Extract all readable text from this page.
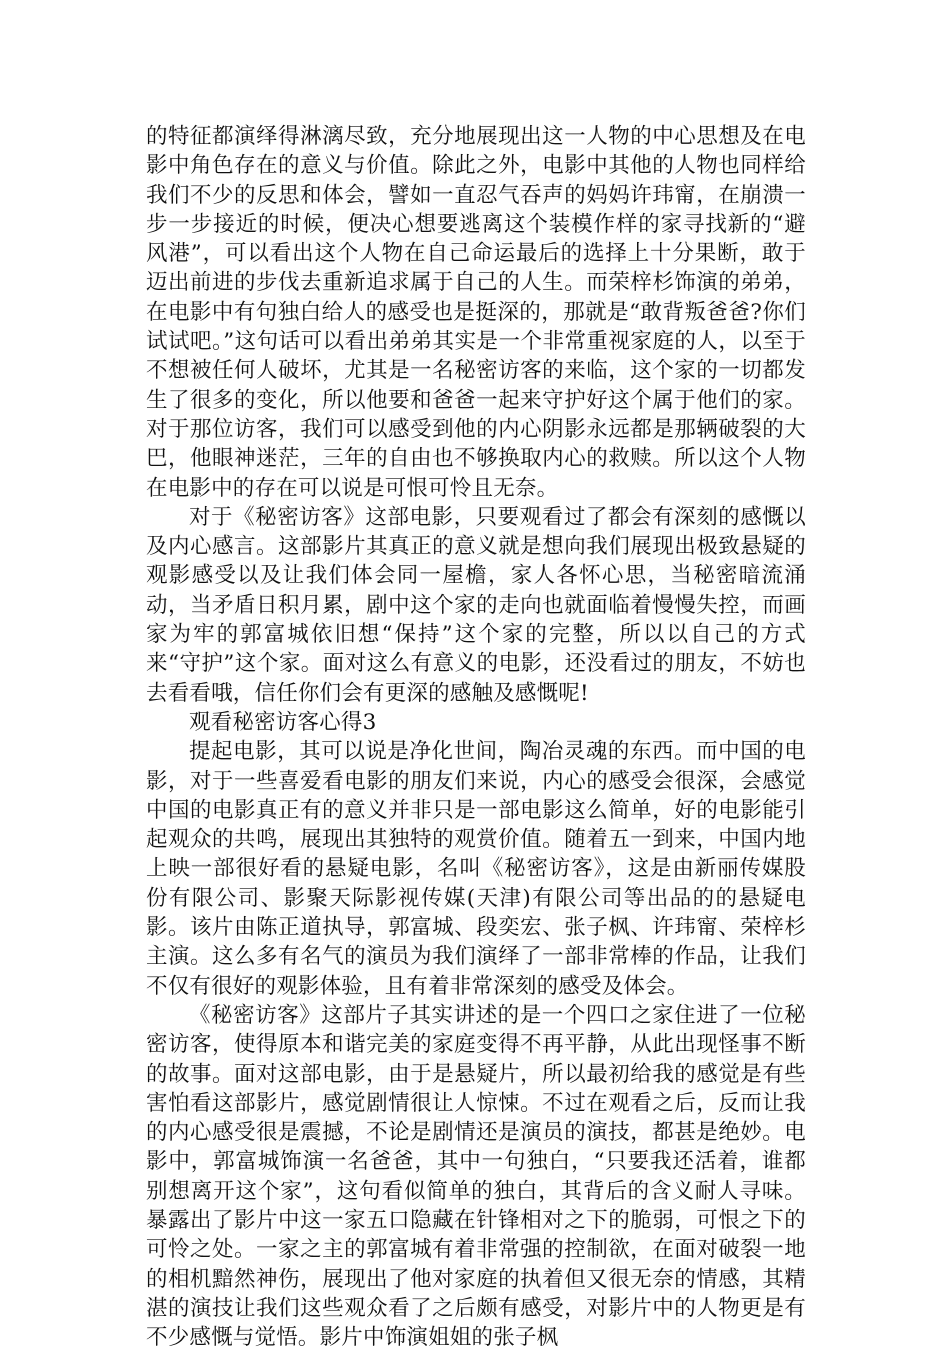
的特征都演绎得淋漓尽致，充分地展现出这一人物的中心思想及在电影中角色存在的意义与价值。除此之外，电影中其他的人物也同样给我们不少的反思和体会，譬如一直忍气吞声的妈妈许玮甯，在崩溃一步一步接近的时候，便决心想要逃离这个装模作样的家寻找新的“避风港”，可以看出这个人物在自己命运最后的选择上十分果断，敢于迈出前进的步伐去重新追求属于自己的人生。而荣梓杉饰演的弟弟，在电影中有句独白给人的感受也是挺深的，那就是“敢背叛爸爸?你们试试吧。”这句话可以看出弟弟其实是一个非常重视家庭的人，以至于不想被任何人破坏，尤其是一名秘密访客的来临，这个家的一切都发生了很多的变化，所以他要和爸爸一起来守护好这个属于他们的家。对于那位访客，我们可以感受到他的内心阴影永远都是那辆破裂的大巴，他眼神迷茫，三年的自由也不够换取内心的救赎。所以这个人物在电影中的存在可以说是可恨可怜且无奈。

对于《秘密访客》这部电影，只要观看过了都会有深刻的感慨以及内心感言。这部影片其真正的意义就是想向我们展现出极致悬疑的观影感受以及让我们体会同一屋檐，家人各怀心思，当秘密暗流涌动，当矛盾日积月累，剧中这个家的走向也就面临着慢慢失控，而画家为牢的郭富城依旧想“保持”这个家的完整，所以以自己的方式来“守护”这个家。面对这么有意义的电影，还没看过的朋友，不妨也去看看哦，信任你们会有更深的感触及感慨呢!

观看秘密访客心得3

提起电影，其可以说是净化世间，陶冶灵魂的东西。而中国的电影，对于一些喜爱看电影的朋友们来说，内心的感受会很深，会感觉中国的电影真正有的意义并非只是一部电影这么简单，好的电影能引起观众的共鸣，展现出其独特的观赏价值。随着五一到来，中国内地上映一部很好看的悬疑电影，名叫《秘密访客》，这是由新丽传媒股份有限公司、影聚天际影视传媒(天津)有限公司等出品的的悬疑电影。该片由陈正道执导，郭富城、段奕宏、张子枫、许玮甯、荣梓杉主演。这么多有名气的演员为我们演绎了一部非常棒的作品，让我们不仅有很好的观影体验，且有着非常深刻的感受及体会。

《秘密访客》这部片子其实讲述的是一个四口之家住进了一位秘密访客，使得原本和谐完美的家庭变得不再平静，从此出现怪事不断的故事。面对这部电影，由于是悬疑片，所以最初给我的感觉是有些害怕看这部影片，感觉剧情很让人惊悚。不过在观看之后，反而让我的内心感受很是震撼，不论是剧情还是演员的演技，都甚是绝妙。电影中，郭富城饰演一名爸爸，其中一句独白，“只要我还活着，谁都别想离开这个家”，这句看似简单的独白，其背后的含义耐人寻味。暴露出了影片中这一家五口隐藏在针锋相对之下的脆弱，可恨之下的可怜之处。一家之主的郭富城有着非常强的控制欲，在面对破裂一地的相机黯然神伤，展现出了他对家庭的执着但又很无奈的情感，其精湛的演技让我们这些观众看了之后颇有感受，对影片中的人物更是有不少感慨与觉悟。影片中饰演姐姐的张子枫
